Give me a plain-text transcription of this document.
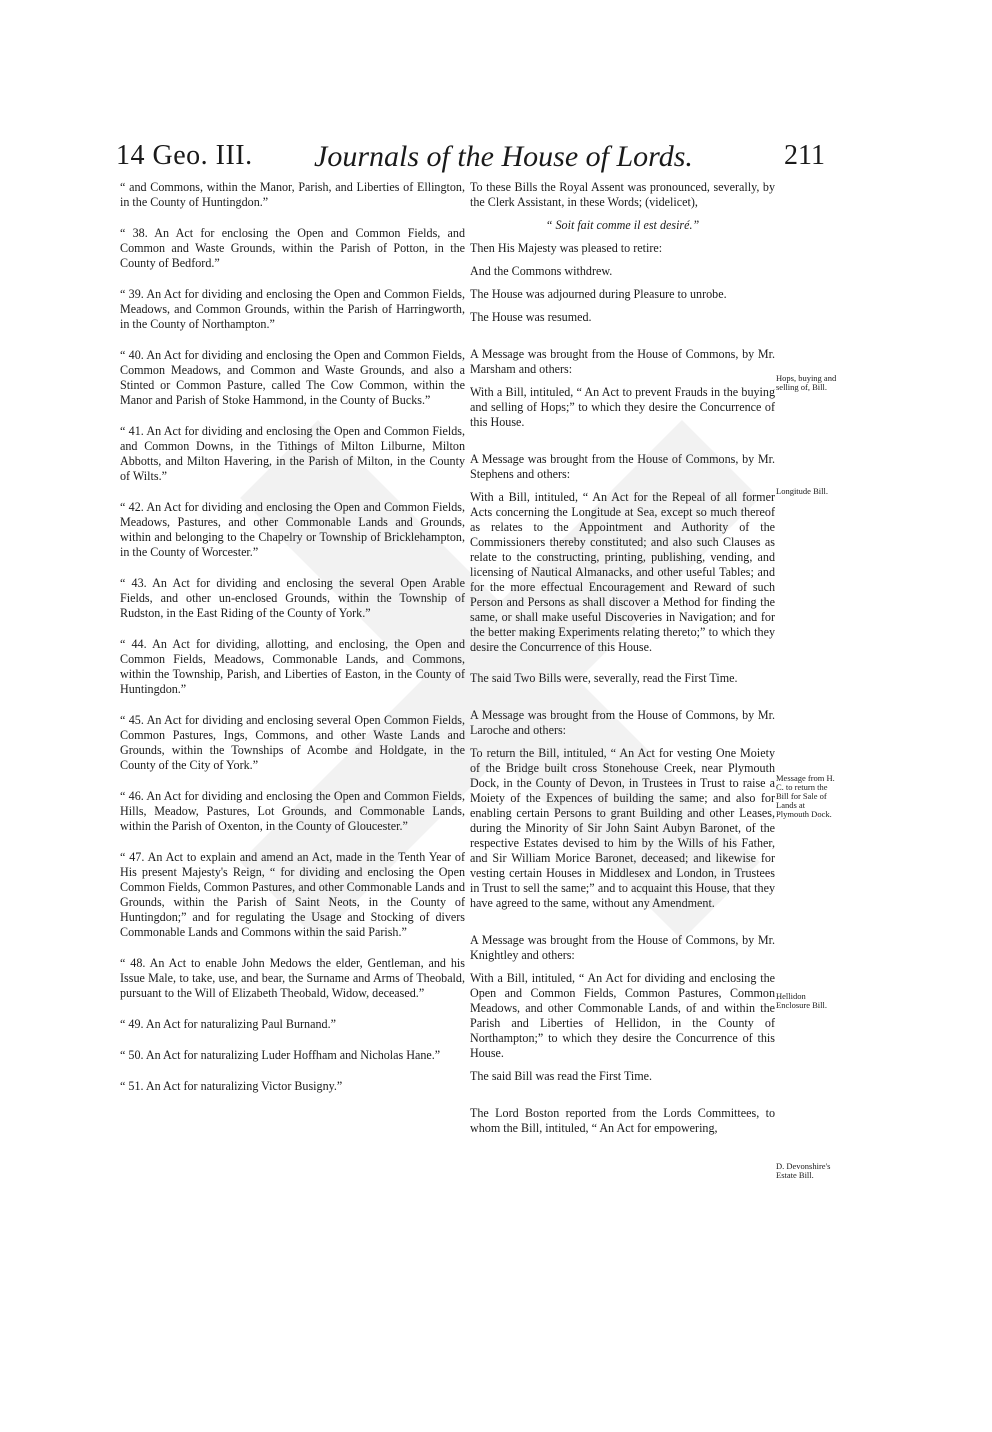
14 Geo. III. Journals of the House of Lords.	211

“ and Commons, within the Manor, Parish, and Liberties of Ellington, in the County of Huntingdon.”

“ 38. An Act for enclosing the Open and Common Fields, and Common and Waste Grounds, within the Parish of Potton, in the County of Bedford.”

“ 39. An Act for dividing and enclosing the Open and Common Fields, Meadows, and Common Grounds, within the Parish of Harringworth, in the County of Northampton.”

“ 40. An Act for dividing and enclosing the Open and Common Fields, Common Meadows, and Common and Waste Grounds, and also a Stinted or Common Pasture, called The Cow Common, within the Manor and Parish of Stoke Hammond, in the County of Bucks.”

“ 41. An Act for dividing and enclosing the Open and Common Fields, and Common Downs, in the Tithings of Milton Lilburne, Milton Abbotts, and Milton Havering, in the Parish of Milton, in the County of Wilts.”

“ 42. An Act for dividing and enclosing the Open and Common Fields, Meadows, Pastures, and other Commonable Lands and Grounds, within and belonging to the Chapelry or Township of Bricklehampton, in the County of Worcester.”

“ 43. An Act for dividing and enclosing the several Open Arable Fields, and other un-enclosed Grounds, within the Township of Rudston, in the East Riding of the County of York.”

“ 44. An Act for dividing, allotting, and enclosing, the Open and Common Fields, Meadows, Commonable Lands, and Commons, within the Township, Parish, and Liberties of Easton, in the County of Huntingdon.”

“ 45. An Act for dividing and enclosing several Open Common Fields, Common Pastures, Ings, Commons, and other Waste Lands and Grounds, within the Townships of Acombe and Holdgate, in the County of the City of York.”

“ 46. An Act for dividing and enclosing the Open and Common Fields, Hills, Meadow, Pastures, Lot Grounds, and Commonable Lands, within the Parish of Oxenton, in the County of Gloucester.”

“ 47. An Act to explain and amend an Act, made in the Tenth Year of His present Majesty's Reign, “ for dividing and enclosing the Open Common Fields, Common Pastures, and other Commonable Lands and Grounds, within the Parish of Saint Neots, in the County of Huntingdon;” and for regulating the Usage and Stocking of divers Commonable Lands and Commons within the said Parish.”

“ 48. An Act to enable John Medows the elder, Gentleman, and his Issue Male, to take, use, and bear, the Surname and Arms of Theobald, pursuant to the Will of Elizabeth Theobald, Widow, deceased.”

“ 49. An Act for naturalizing Paul Burnand.”

“ 50. An Act for naturalizing Luder Hoffham and Nicholas Hane.”

“ 51. An Act for naturalizing Victor Busigny.”

To these Bills the Royal Assent was pronounced, severally, by the Clerk Assistant, in these Words; (videlicet),

“ Soit fait comme il est desiré.”

Then His Majesty was pleased to retire:

And the Commons withdrew.

The House was adjourned during Pleasure to unrobe.

The House was resumed.

A Message was brought from the House of Commons, by Mr. Marsham and others:

With a Bill, intituled, “ An Act to prevent Frauds in the buying and selling of Hops;” to which they desire the Concurrence of this House.

A Message was brought from the House of Commons, by Mr. Stephens and others:

With a Bill, intituled, “ An Act for the Repeal of all former Acts concerning the Longitude at Sea, except so much thereof as relates to the Appointment and Authority of the Commissioners thereby constituted; and also such Clauses as relate to the constructing, printing, publishing, vending, and licensing of Nautical Almanacks, and other useful Tables; and for the more effectual Encouragement and Reward of such Person and Persons as shall discover a Method for finding the same, or shall make useful Discoveries in Navigation; and for the better making Experiments relating thereto;” to which they desire the Concurrence of this House.

The said Two Bills were, severally, read the First Time.

A Message was brought from the House of Commons, by Mr. Laroche and others:

To return the Bill, intituled, “ An Act for vesting One Moiety of the Bridge built cross Stonehouse Creek, near Plymouth Dock, in the County of Devon, in Trustees in Trust to raise a Moiety of the Expences of building the same; and also for enabling certain Persons to grant Building and other Leases, during the Minority of Sir John Saint Aubyn Baronet, of the respective Estates devised to him by the Wills of his Father, and Sir William Morice Baronet, deceased; and likewise for vesting certain Houses in Middlesex and London, in Trustees in Trust to sell the same;” and to acquaint this House, that they have agreed to the same, without any Amendment.

A Message was brought from the House of Commons, by Mr. Knightley and others:

With a Bill, intituled, “ An Act for dividing and enclosing the Open and Common Fields, Common Pastures, Common Meadows, and other Commonable Lands, of and within the Parish and Liberties of Hellidon, in the County of Northampton;” to which they desire the Concurrence of this House.

The said Bill was read the First Time.

The Lord Boston reported from the Lords Committees, to whom the Bill, intituled, “ An Act for empowering,

Hops, buying and selling of, Bill.
Longitude Bill.
Message from H. C. to return the Bill for Sale of Lands at Plymouth Dock.
Hellidon Enclosure Bill.
D. Devonshire's Estate Bill.
